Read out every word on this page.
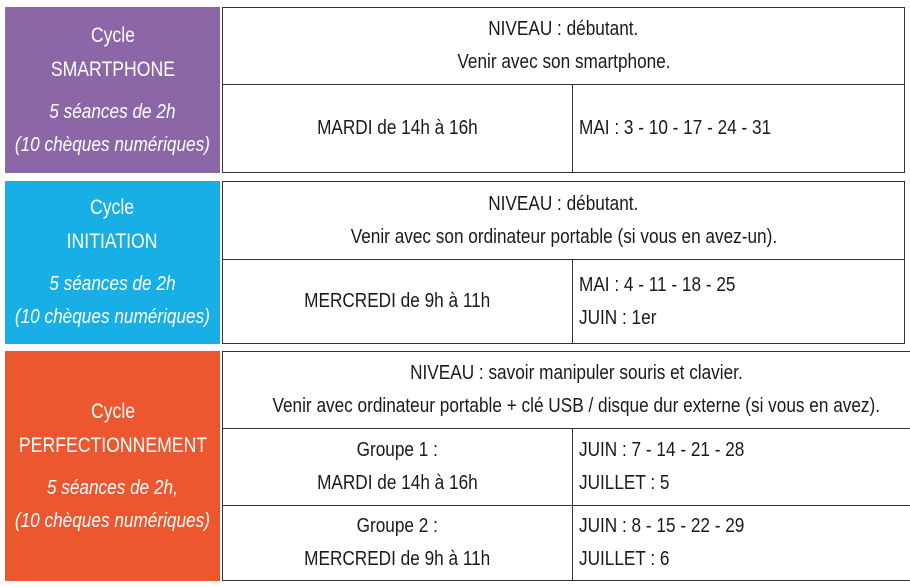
Cycle
SMARTPHONE
5 séances de 2h
(10 chèques numériques)
NIVEAU : débutant.
Venir avec son smartphone.
MARDI de 14h à 16h	MAI : 3 - 10 - 17 - 24 - 31
Cycle
INITIATION
5 séances de 2h
(10 chèques numériques)
NIVEAU : débutant.
Venir avec son ordinateur portable (si vous en avez-un).
MERCREDI de 9h à 11h
MAI : 4 - 11 - 18 - 25
JUIN : 1er
Cycle
PERFECTIONNEMENT
5 séances de 2h,
(10 chèques numériques)
NIVEAU : savoir manipuler souris et clavier.
Venir avec ordinateur portable + clé USB / disque dur externe (si vous en avez).
Groupe 1 :
MARDI de 14h à 16h
JUIN : 7 - 14 - 21 - 28
JUILLET : 5
Groupe 2 :
MERCREDI de 9h à 11h
JUIN : 8 - 15 - 22 - 29
JUILLET : 6
